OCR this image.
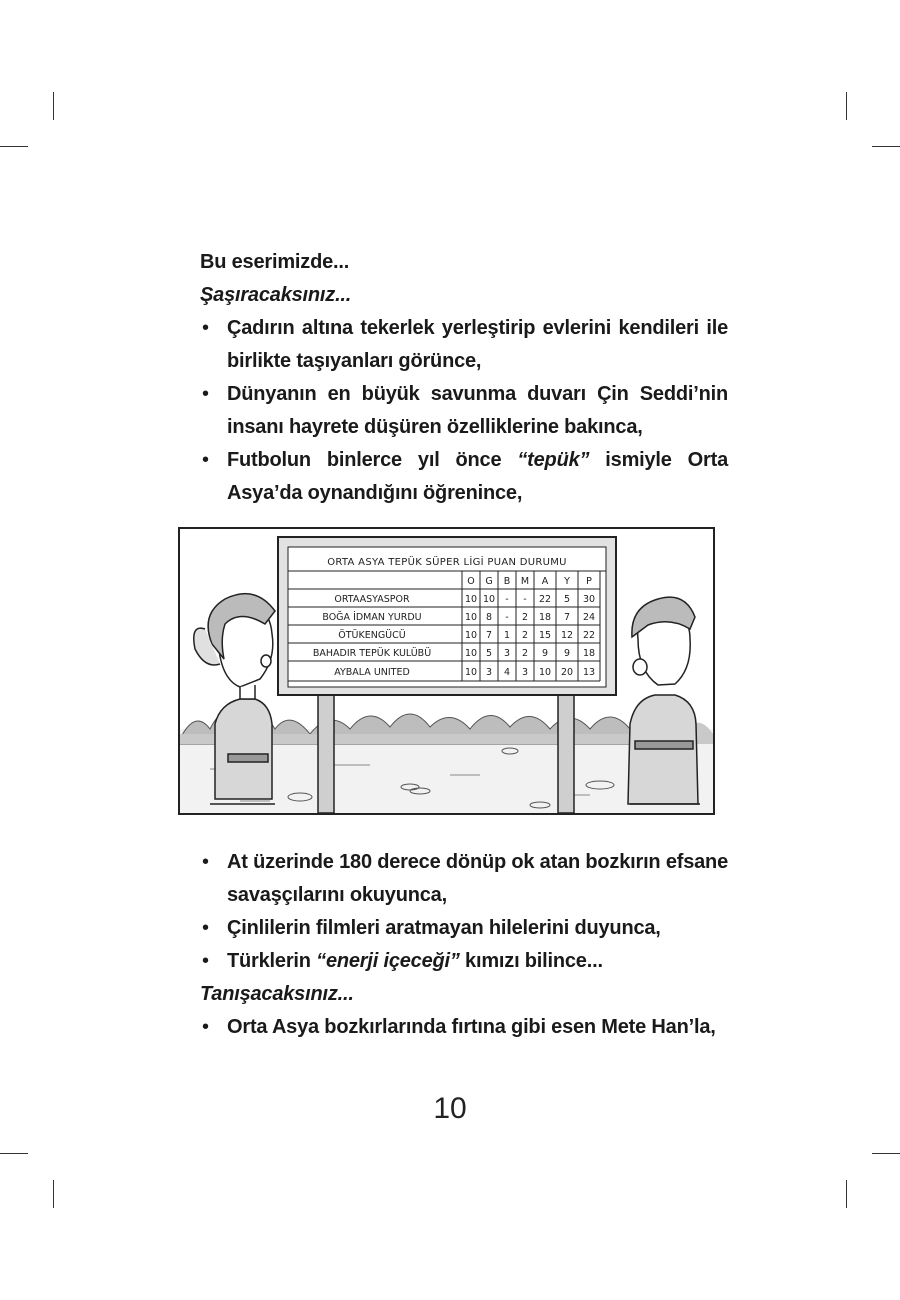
Bu eserimizde...
Şaşıracaksınız...
• Çadırın altına tekerlek yerleştirip evlerini kendileri ile birlikte taşıyanları görünce,
• Dünyanın en büyük savunma duvarı Çin Seddi’nin insanı hayrete düşüren özelliklerine bakınca,
• Futbolun binlerce yıl önce “tepük” ismiyle Orta Asya’da oynandığını öğrenince,
ORTA ASYA TEPÜK SÜPER LİGİ PUAN DURUMU
O G B M A Y P
ORTAASYASPOR	10 10 - - 22 5 30
BOĞA İDMAN YURDU	10 8 - 2 18 7 24
ÖTÜKENGÜCÜ	10 7 1 2 15 12 22
BAHADIR TEPÜK KULÜBÜ	10 5 3 2 9 9 18
AYBALA UNITED	10 3 4 3 10 20 13
• At üzerinde 180 derece dönüp ok atan bozkırın efsane savaşçılarını okuyunca,
• Çinlilerin filmleri aratmayan hilelerini duyunca,
• Türklerin “enerji içeceği” kımızı bilince...
Tanışacaksınız...
• Orta Asya bozkırlarında fırtına gibi esen Mete Han’la,
10
